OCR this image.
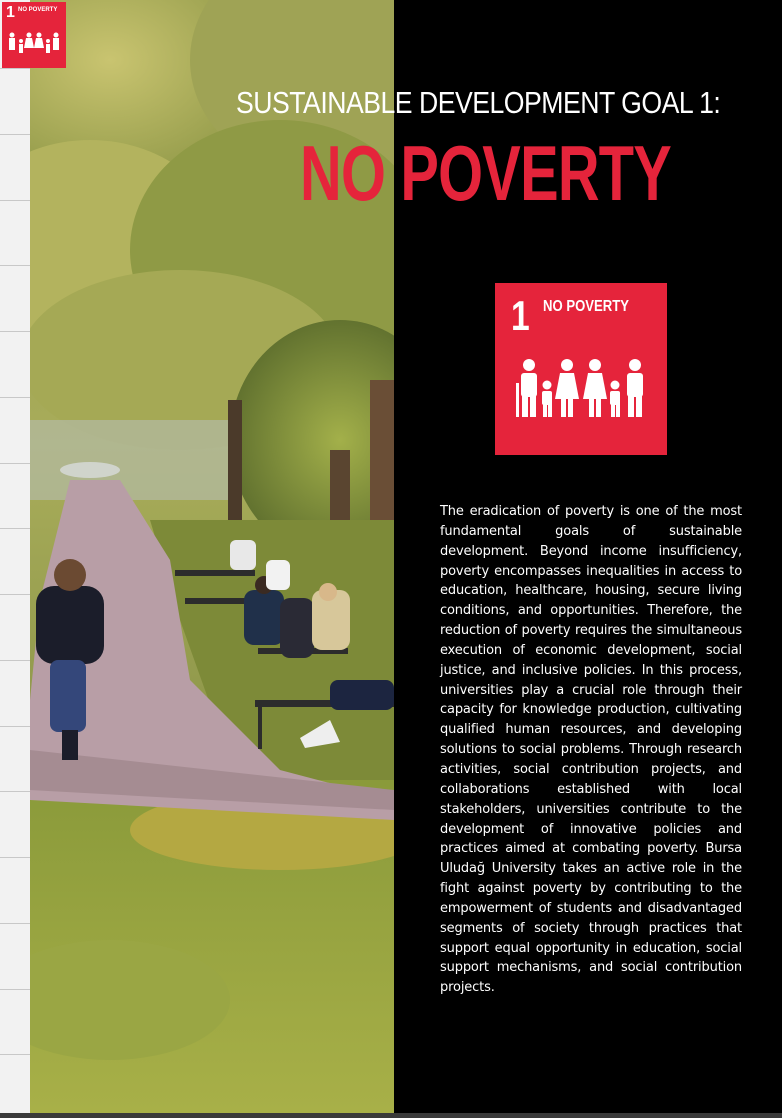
1 NO POVERTY
SUSTAINABLE DEVELOPMENT GOAL 1:
NO POVERTY
1 NO POVERTY
The eradication of poverty is one of the most fundamental goals of sustainable development. Beyond income insufficiency, poverty encompasses inequalities in access to education, healthcare, housing, secure living conditions, and opportunities. Therefore, the reduction of poverty requires the simultaneous execution of economic development, social justice, and inclusive policies. In this process, universities play a crucial role through their capacity for knowledge production, cultivating qualified human resources, and developing solutions to social problems. Through research activities, social contribution projects, and collaborations established with local stakeholders, universities contribute to the development of innovative policies and practices aimed at combating poverty. Bursa Uludağ University takes an active role in the fight against poverty by contributing to the empowerment of students and disadvantaged segments of society through practices that support equal opportunity in education, social support mechanisms, and social contribution projects.
